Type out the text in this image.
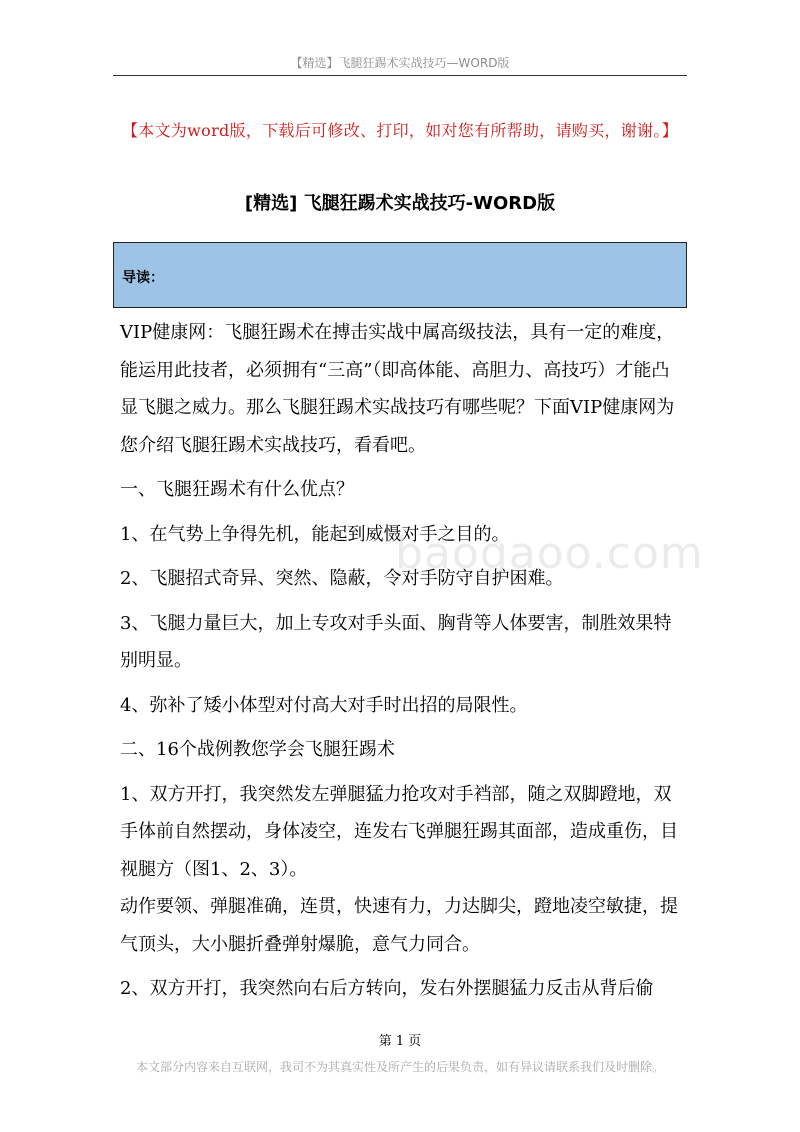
【精选】飞腿狂踢术实战技巧—WORD版
【本文为word版，下载后可修改、打印，如对您有所帮助，请购买，谢谢。】
[精选] 飞腿狂踢术实战技巧-WORD版
导读：
baogaoo.com

VIP健康网：飞腿狂踢术在搏击实战中属高级技法，具有一定的难度，能运用此技者，必须拥有“三高”（即高体能、高胆力、高技巧）才能凸显飞腿之威力。那么飞腿狂踢术实战技巧有哪些呢？下面VIP健康网为您介绍飞腿狂踢术实战技巧，看看吧。

一、飞腿狂踢术有什么优点？

1、在气势上争得先机，能起到威慑对手之目的。

2、飞腿招式奇异、突然、隐蔽，令对手防守自护困难。

3、飞腿力量巨大，加上专攻对手头面、胸背等人体要害，制胜效果特别明显。

4、弥补了矮小体型对付高大对手时出招的局限性。

二、16个战例教您学会飞腿狂踢术

1、双方开打，我突然发左弹腿猛力抢攻对手裆部，随之双脚蹬地，双手体前自然摆动，身体凌空，连发右飞弹腿狂踢其面部，造成重伤，目视腿方（图1、2、3）。

动作要领、弹腿准确，连贯，快速有力，力达脚尖，蹬地凌空敏捷，提气顶头，大小腿折叠弹射爆脆，意气力同合。

2、双方开打，我突然向右后方转向，发右外摆腿猛力反击从背后偷

第 1 页
本文部分内容来自互联网，我司不为其真实性及所产生的后果负责，如有异议请联系我们及时删除。
